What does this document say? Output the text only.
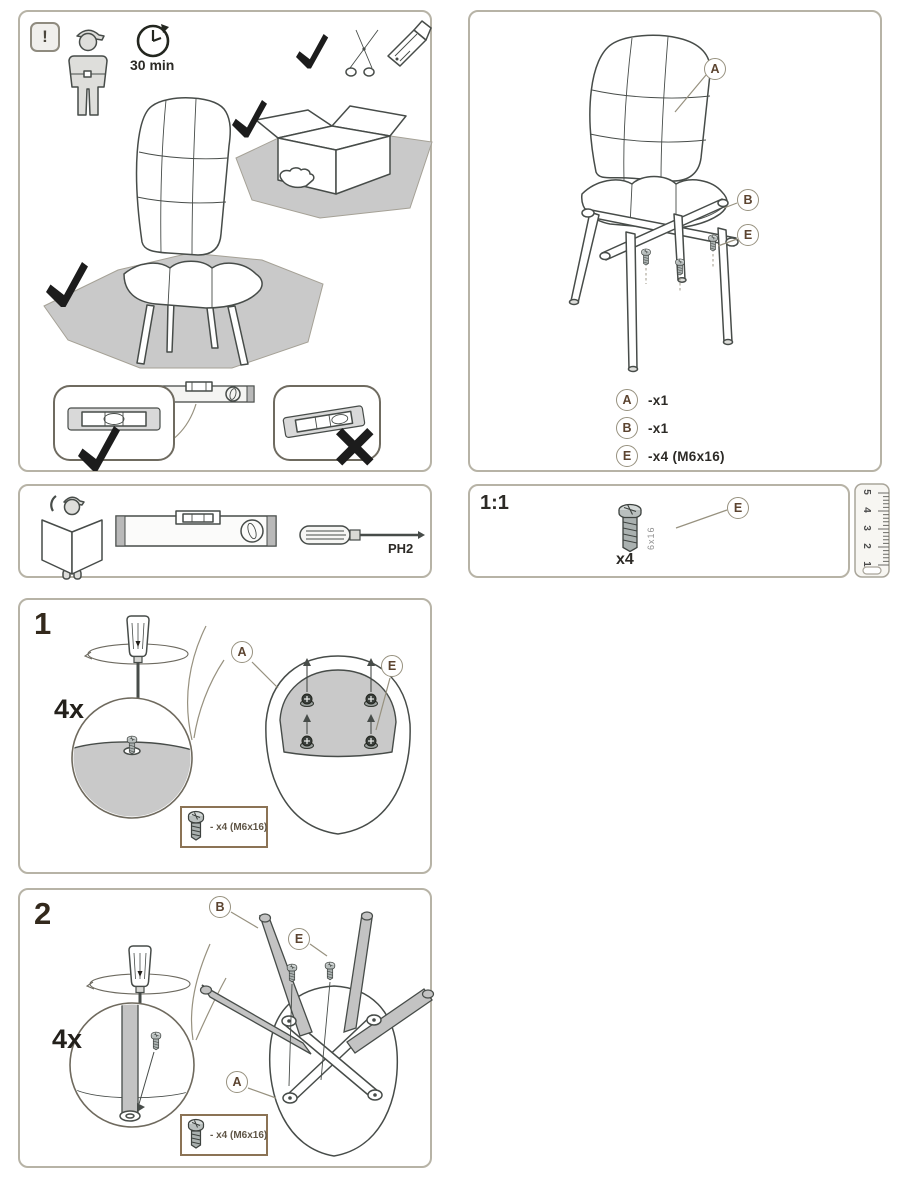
!
30 min	A
B
E
A -x1
B -x1
E -x4 (M6x16)
PH2
1:1
6x16
E
x4
5
4
3
2
1
1
4x
A
E
- x4 (M6x16)
2
4x
B
E
A
- x4 (M6x16)
